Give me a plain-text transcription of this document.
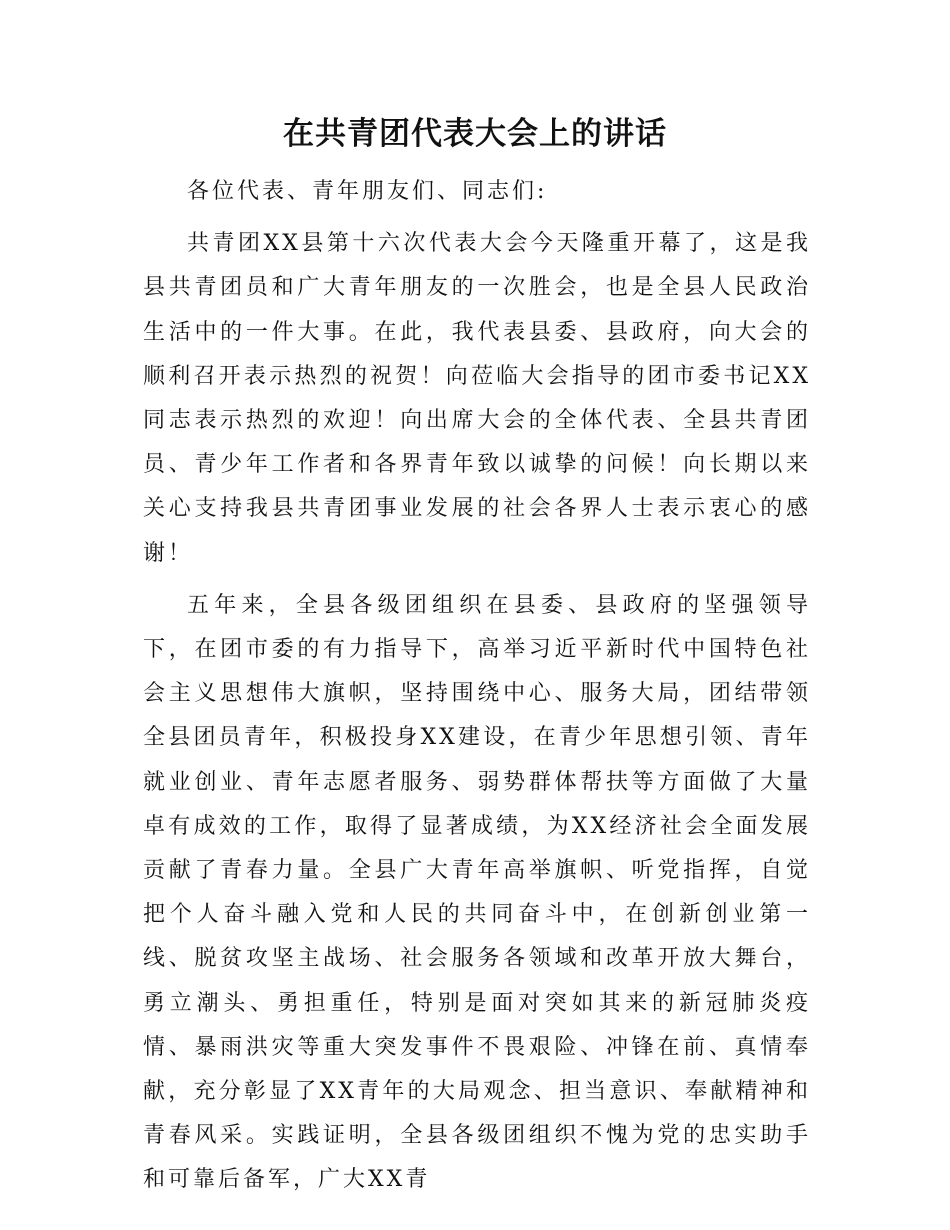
在共青团代表大会上的讲话

各位代表、青年朋友们、同志们:

共青团XX县第十六次代表大会今天隆重开幕了，这是我县共青团员和广大青年朋友的一次胜会，也是全县人民政治生活中的一件大事。在此，我代表县委、县政府，向大会的顺利召开表示热烈的祝贺！向莅临大会指导的团市委书记XX同志表示热烈的欢迎！向出席大会的全体代表、全县共青团员、青少年工作者和各界青年致以诚挚的问候！向长期以来关心支持我县共青团事业发展的社会各界人士表示衷心的感谢！

五年来，全县各级团组织在县委、县政府的坚强领导下，在团市委的有力指导下，高举习近平新时代中国特色社会主义思想伟大旗帜，坚持围绕中心、服务大局，团结带领全县团员青年，积极投身XX建设，在青少年思想引领、青年就业创业、青年志愿者服务、弱势群体帮扶等方面做了大量卓有成效的工作，取得了显著成绩，为XX经济社会全面发展贡献了青春力量。全县广大青年高举旗帜、听党指挥，自觉把个人奋斗融入党和人民的共同奋斗中，在创新创业第一线、脱贫攻坚主战场、社会服务各领域和改革开放大舞台，勇立潮头、勇担重任，特别是面对突如其来的新冠肺炎疫情、暴雨洪灾等重大突发事件不畏艰险、冲锋在前、真情奉献，充分彰显了XX青年的大局观念、担当意识、奉献精神和青春风采。实践证明，全县各级团组织不愧为党的忠实助手和可靠后备军，广大XX青
